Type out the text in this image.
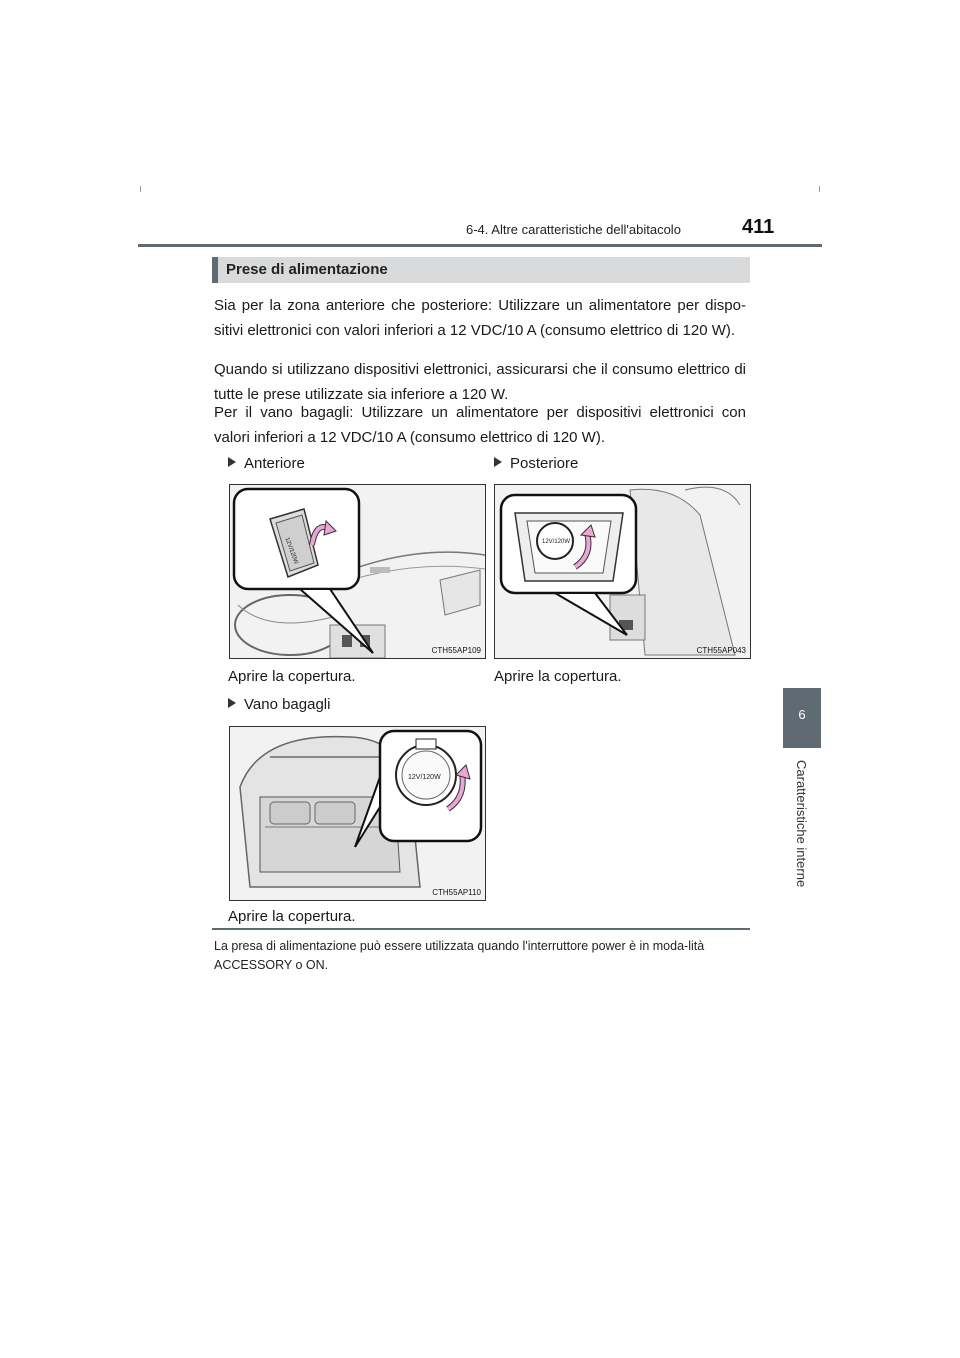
6-4. Altre caratteristiche dell'abitacolo	411
6
Caratteristiche interne
Prese di alimentazione

Sia per la zona anteriore che posteriore: Utilizzare un alimentatore per dispo-sitivi elettronici con valori inferiori a 12 VDC/10 A (consumo elettrico di 120 W).

Quando si utilizzano dispositivi elettronici, assicurarsi che il consumo elettrico di tutte le prese utilizzate sia inferiore a 120 W.

Per il vano bagagli: Utilizzare un alimentatore per dispositivi elettronici con valori inferiori a 12 VDC/10 A (consumo elettrico di 120 W).

Anteriore	Posteriore
12V/120W
CTH55AP109
12V/120W
CTH55AP043
Aprire la copertura.	Aprire la copertura.
Vano bagagli
12V/120W
CTH55AP110
Aprire la copertura.

La presa di alimentazione può essere utilizzata quando l'interruttore power è in moda-lità ACCESSORY o ON.
